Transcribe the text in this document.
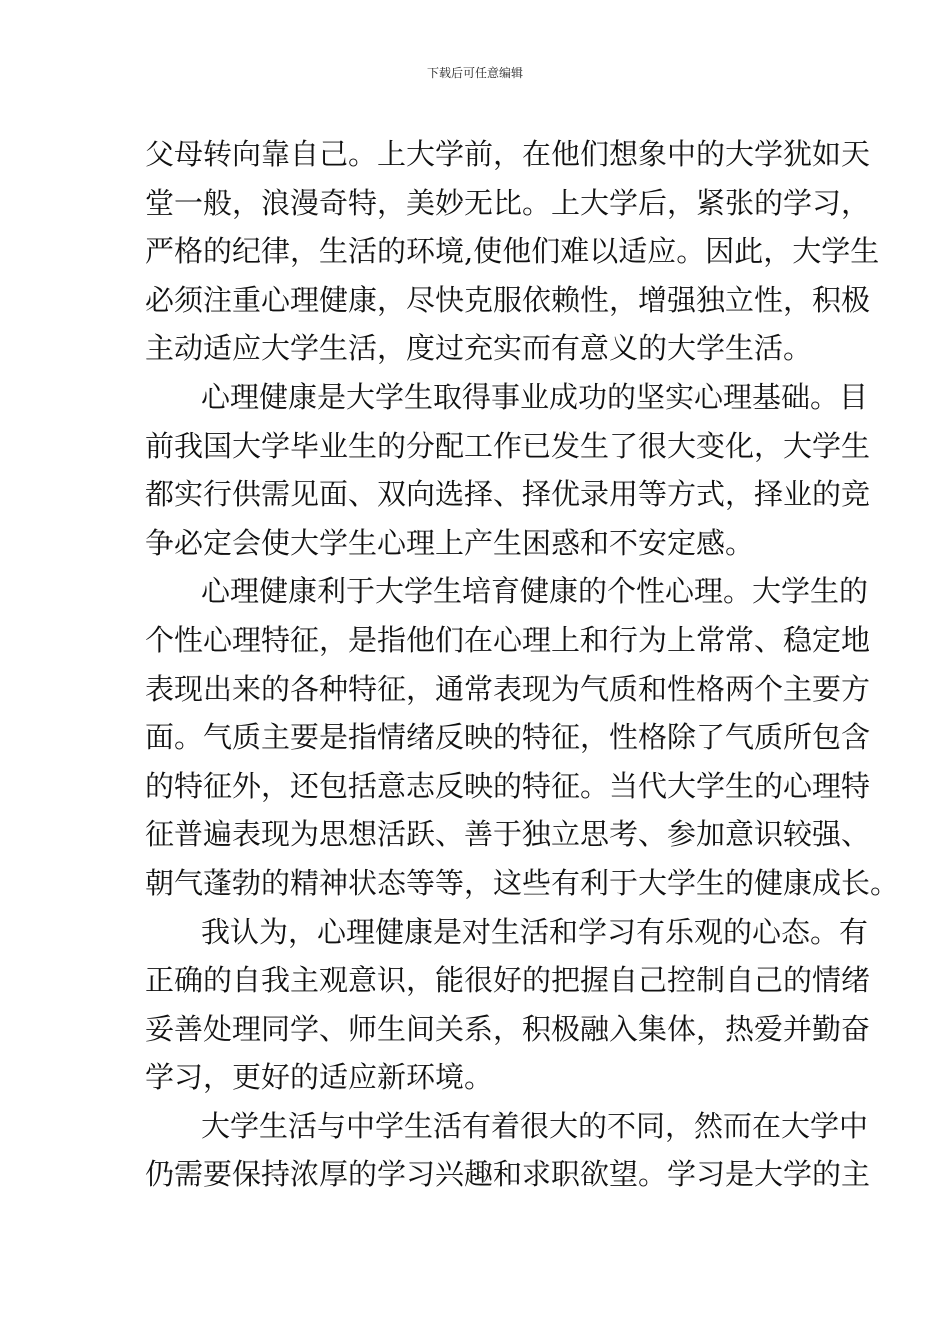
下载后可任意编辑
父母转向靠自己。上大学前，在他们想象中的大学犹如天
堂一般，浪漫奇特，美妙无比。上大学后，紧张的学习，
严格的纪律，生活的环境,使他们难以适应。因此，大学生
必须注重心理健康，尽快克服依赖性，增强独立性，积极
主动适应大学生活，度过充实而有意义的大学生活。
心理健康是大学生取得事业成功的坚实心理基础。目
前我国大学毕业生的分配工作已发生了很大变化，大学生
都实行供需见面、双向选择、择优录用等方式，择业的竞
争必定会使大学生心理上产生困惑和不安定感。
心理健康利于大学生培育健康的个性心理。大学生的
个性心理特征，是指他们在心理上和行为上常常、稳定地
表现出来的各种特征，通常表现为气质和性格两个主要方
面。气质主要是指情绪反映的特征，性格除了气质所包含
的特征外，还包括意志反映的特征。当代大学生的心理特
征普遍表现为思想活跃、善于独立思考、参加意识较强、
朝气蓬勃的精神状态等等，这些有利于大学生的健康成长。
我认为，心理健康是对生活和学习有乐观的心态。有
正确的自我主观意识，能很好的把握自己控制自己的情绪
妥善处理同学、师生间关系，积极融入集体，热爱并勤奋
学习，更好的适应新环境。
大学生活与中学生活有着很大的不同，然而在大学中
仍需要保持浓厚的学习兴趣和求职欲望。学习是大学的主
